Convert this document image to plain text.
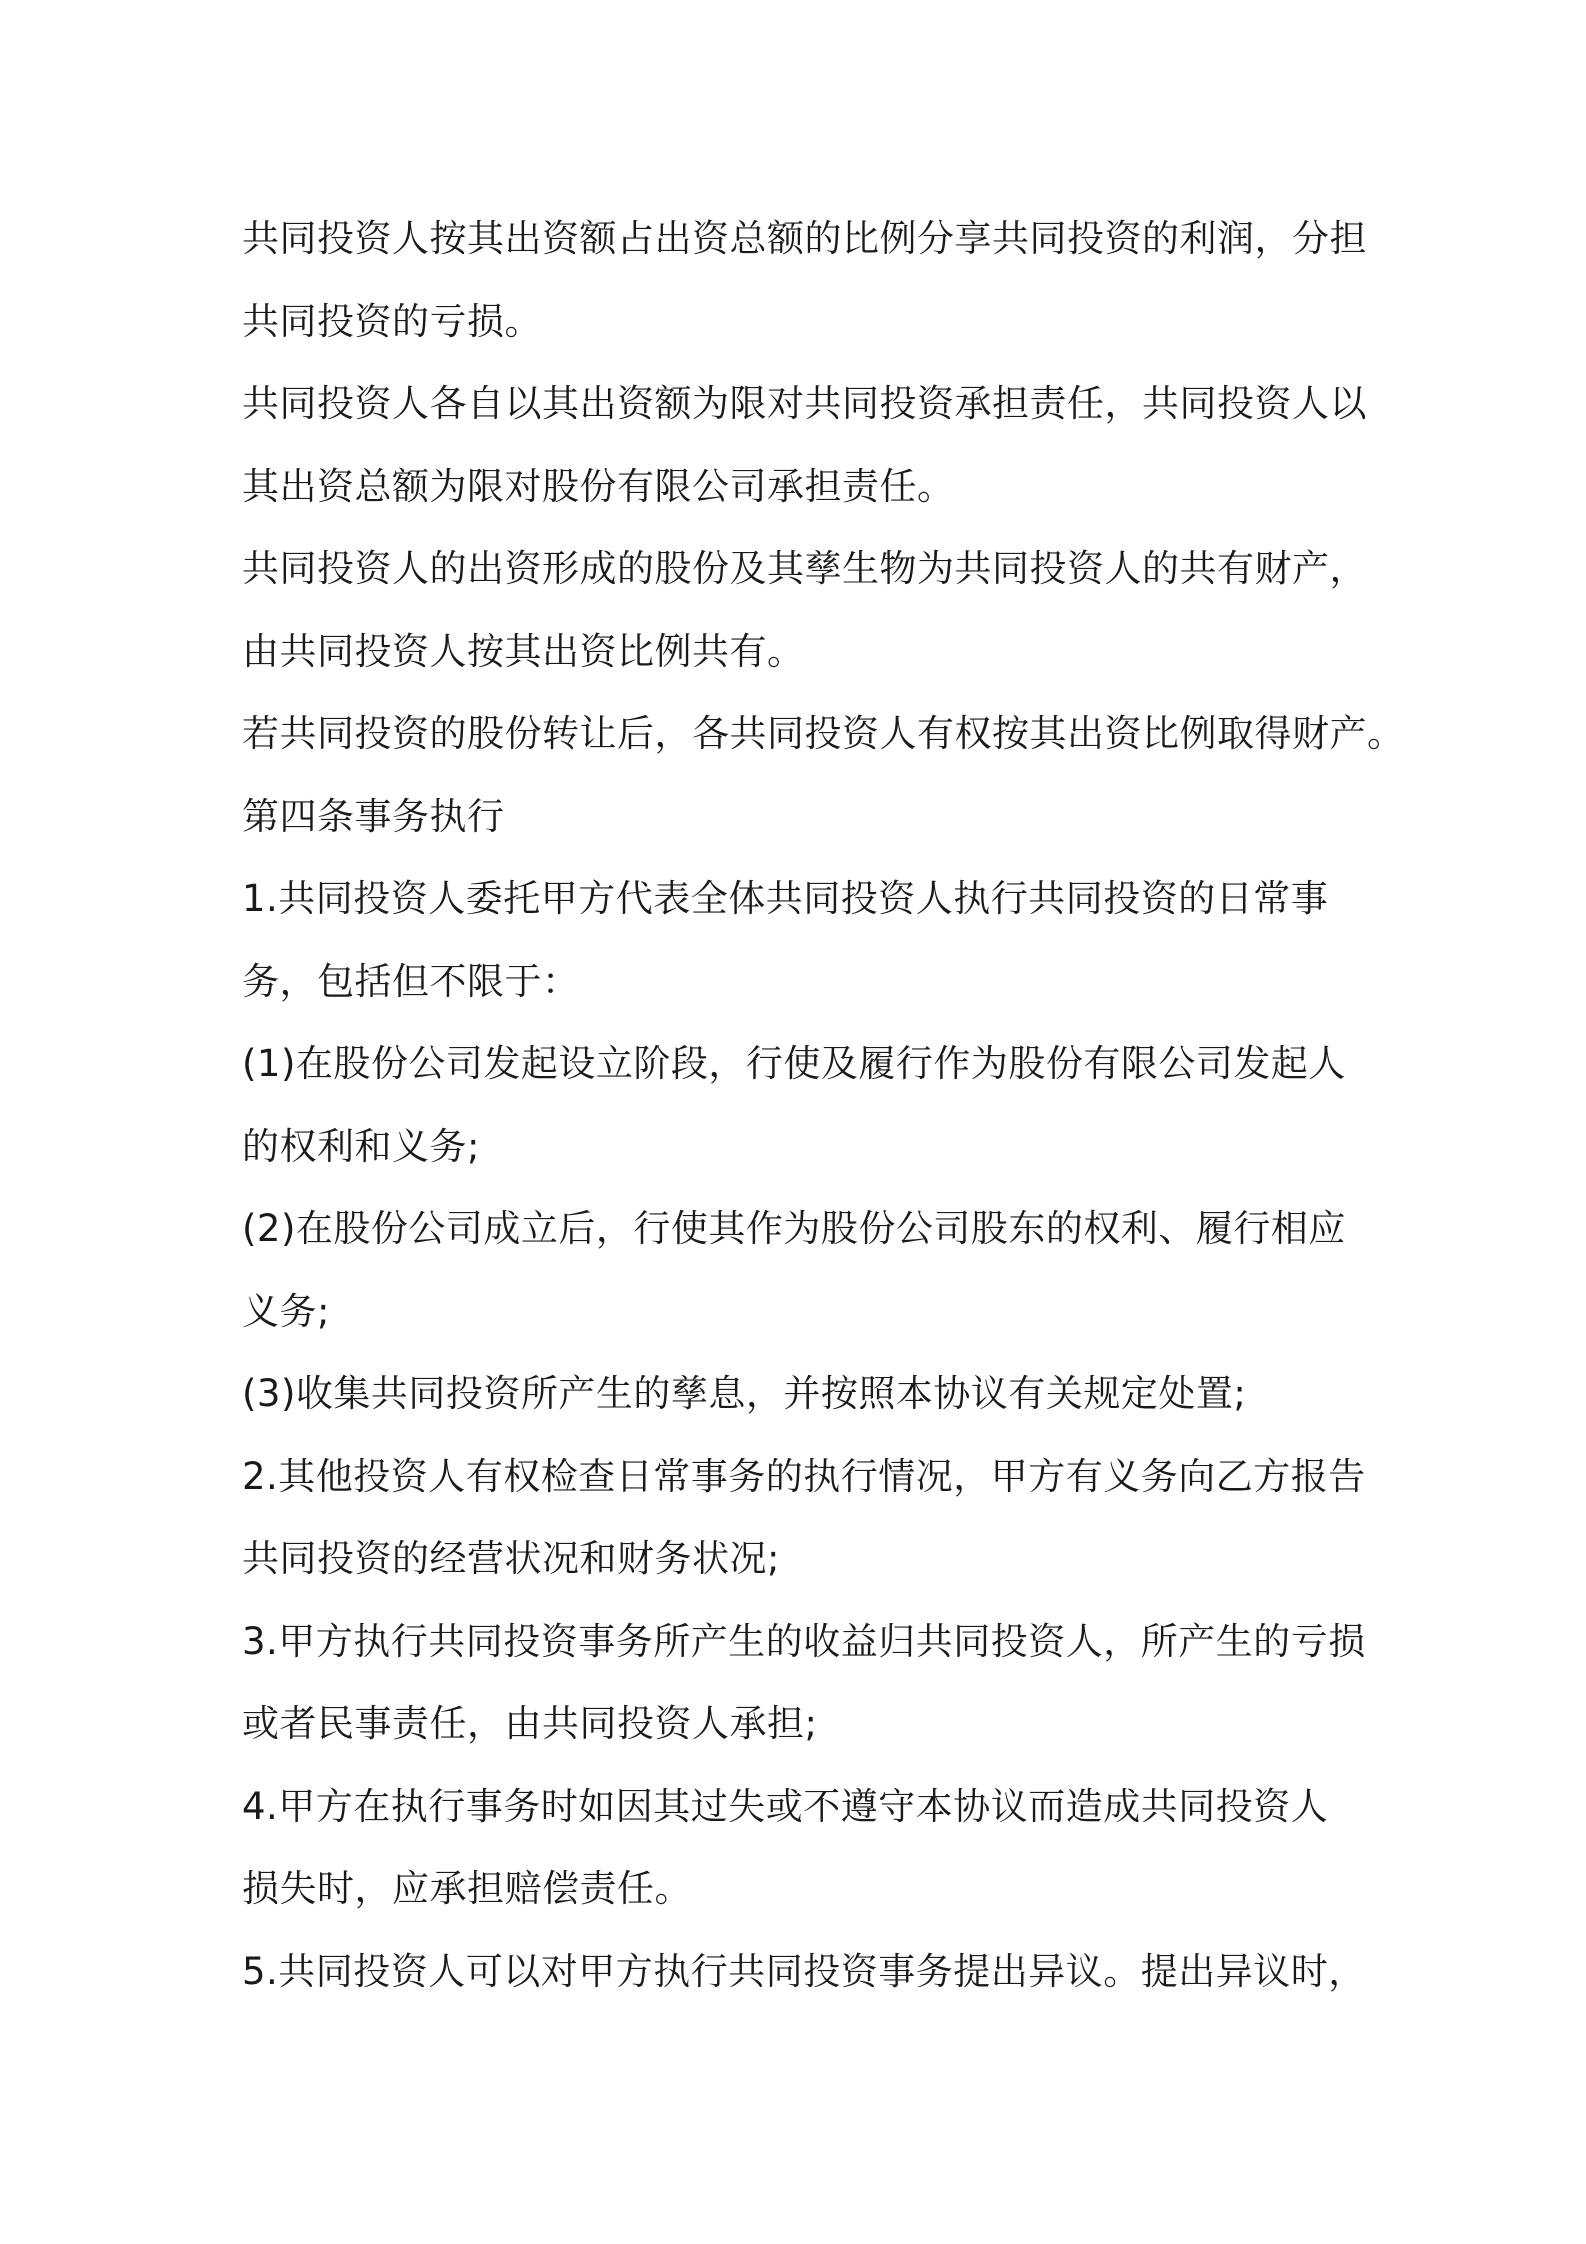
共同投资人按其出资额占出资总额的比例分享共同投资的利润，分担
共同投资的亏损。
共同投资人各自以其出资额为限对共同投资承担责任，共同投资人以
其出资总额为限对股份有限公司承担责任。
共同投资人的出资形成的股份及其孳生物为共同投资人的共有财产，
由共同投资人按其出资比例共有。
若共同投资的股份转让后，各共同投资人有权按其出资比例取得财产。
第四条事务执行
1.共同投资人委托甲方代表全体共同投资人执行共同投资的日常事
务，包括但不限于：
(1)在股份公司发起设立阶段，行使及履行作为股份有限公司发起人
的权利和义务;
(2)在股份公司成立后，行使其作为股份公司股东的权利、履行相应
义务;
(3)收集共同投资所产生的孳息，并按照本协议有关规定处置;
2.其他投资人有权检查日常事务的执行情况，甲方有义务向乙方报告
共同投资的经营状况和财务状况;
3.甲方执行共同投资事务所产生的收益归共同投资人，所产生的亏损
或者民事责任，由共同投资人承担;
4.甲方在执行事务时如因其过失或不遵守本协议而造成共同投资人
损失时，应承担赔偿责任。
5.共同投资人可以对甲方执行共同投资事务提出异议。提出异议时，
